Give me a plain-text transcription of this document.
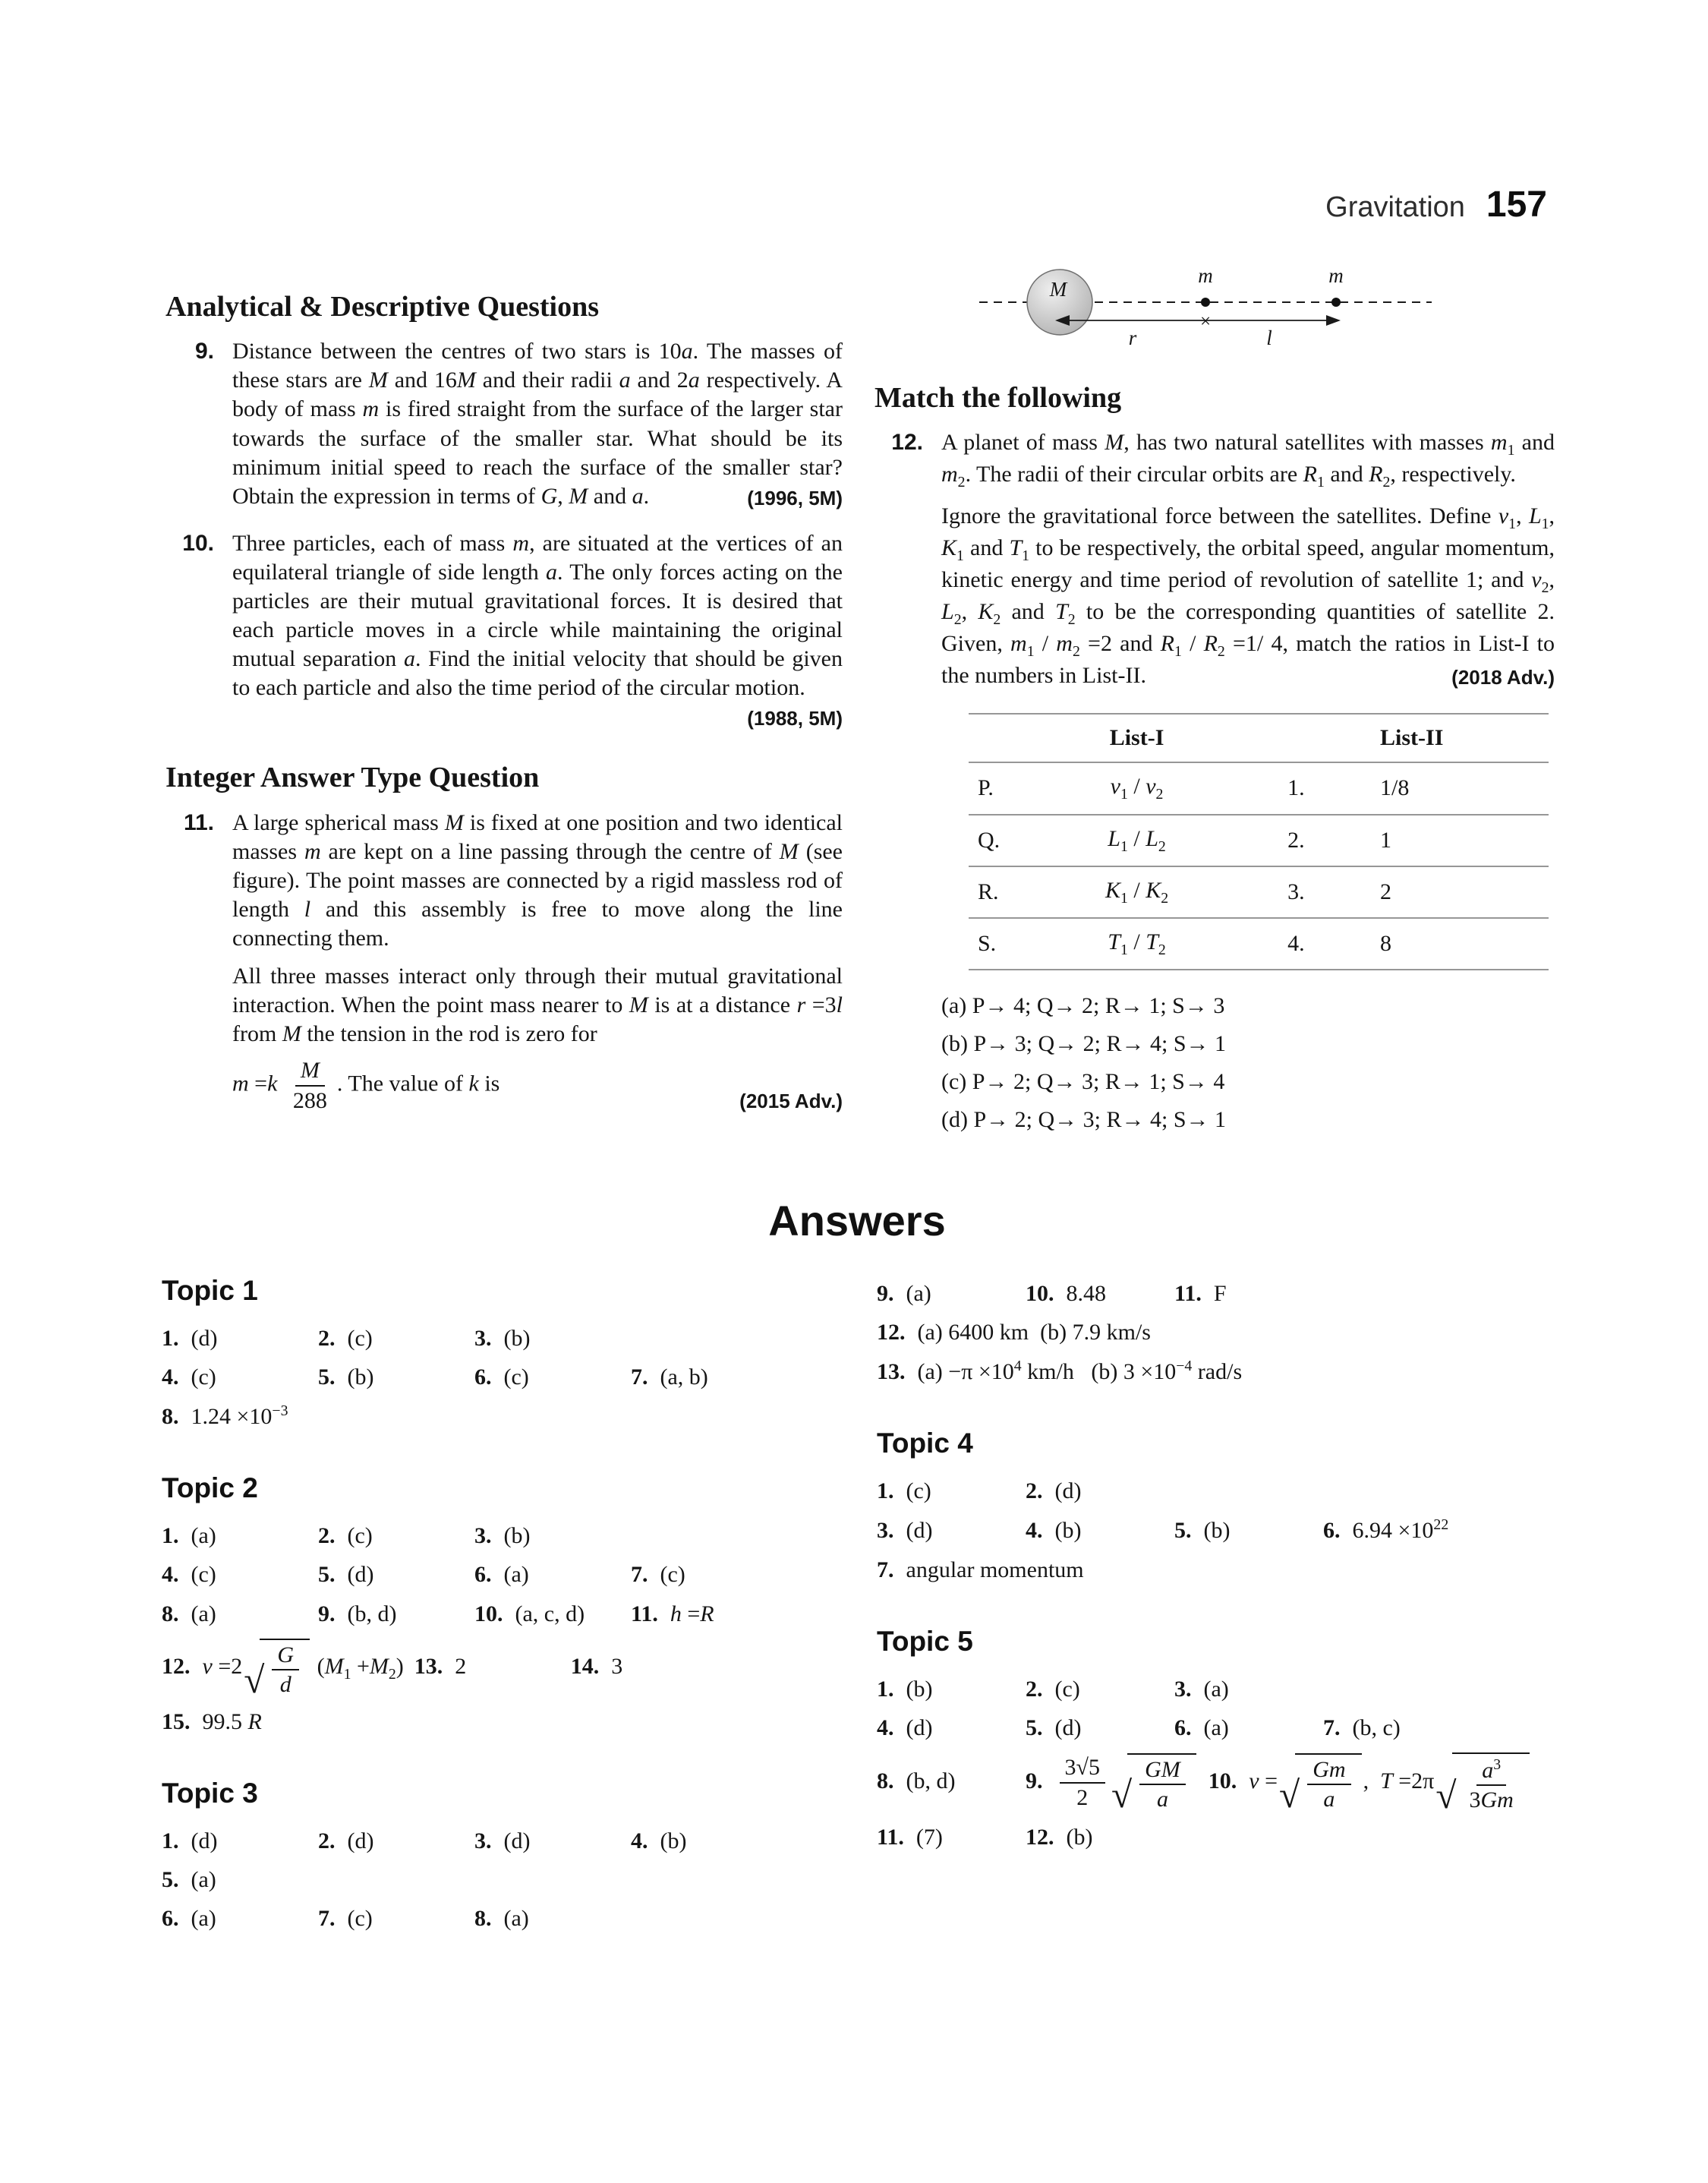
Gravitation 157
Analytical & Descriptive Questions
9. Distance between the centres of two stars is 10a. The masses of these stars are M and 16M and their radii a and 2a respectively. A body of mass m is fired straight from the surface of the larger star towards the surface of the smaller star. What should be its minimum initial speed to reach the surface of the smaller star? Obtain the expression in terms of G, M and a.	(1996, 5M)

10. Three particles, each of mass m, are situated at the vertices of an equilateral triangle of side length a. The only forces acting on the particles are their mutual gravitational forces. It is desired that each particle moves in a circle while maintaining the original mutual separation a. Find the initial velocity that should be given to each particle and also the time period of the circular motion.
(1988, 5M)

Integer Answer Type Question
11. A large spherical mass M is fixed at one position and two identical masses m are kept on a line passing through the centre of M (see figure). The point masses are connected by a rigid massless rod of length l and this assembly is free to move along the line connecting them.

All three masses interact only through their mutual gravitational interaction. When the point mass nearer to M is at a distance r =3l from M the tension in the rod is zero for

$m =k \frac{M}{288}$ . The value of k is
(2015 Adv.)
M
m	m
×
r	l
Match the following
12. A planet of mass M, has two natural satellites with masses $m_1$ and $m_2$. The radii of their circular orbits are $R_1$ and $R_2$, respectively.

Ignore the gravitational force between the satellites. Define $v_1$, $L_1$, $K_1$ and $T_1$ to be respectively, the orbital speed, angular momentum, kinetic energy and time period of revolution of satellite 1; and $v_2$, $L_2$, $K_2$ and $T_2$ to be the corresponding quantities of satellite 2. Given, $m_1 / m_2 =2$ and $R_1 / R_2 =1/$ 4, match the ratios in List-I to the numbers in List-II.	(2018 Adv.)

	List-I		List-II
P.	$v_1 / v_2$	1.	1/8
Q.	$L_1 / L_2$	2.	1
R.	$K_1 / K_2$	3.	2
S.	$T_1 / T_2$	4.	8
(a) P→ 4; Q→ 2; R→ 1; S→ 3
(b) P→ 3; Q→ 2; R→ 4; S→ 1
(c) P→ 2; Q→ 3; R→ 1; S→ 4
(d) P→ 2; Q→ 3; R→ 4; S→ 1
Answers
Topic 1
1. (d)	2. (c)	3. (b)
4. (c)	5. (b)	6. (c)	7. (a, b)
8. $1.24 \times 10^{-3}$
Topic 2
1. (a)	2. (c)	3. (b)
4. (c)	5. (d)	6. (a)	7. (c)
8. (a)	9. (b, d)	10. (a, c, d)	11. h =R
12. v =2 √ $\frac{G}{d} (M_1 +M_2)$ 13. 2	14. 3
15. 99.5 R
Topic 3
1. (d)	2. (d)	3. (d)	4. (b)
5. (a)
6. (a)	7. (c)	8. (a)
9. (a)	10. 8.48	11. F
12. (a) 6400 km  (b) 7.9 km/s
13. $(a) -\pi \times 10^4$ km/h   (b) $3 \times 10^{-4}$ rad/s
Topic 4
1. (c)	2. (d)
3. (d)	4. (b)	5. (b)	6. $6.94 \times 10^{22}$
7. angular momentum
Topic 5
1. (b)	2. (c)	3. (a)
4. (d)	5. (d)	6. (a)	7. (b, c)
8. (b, d)	9. $\frac{3√5}{2}$ √ $\frac{GM}{a} 10$. v = √ $\frac{Gm}{a}$ ,  T =2π √ $\frac{a^3}{3Gm}$
11. (7)	12. (b)
